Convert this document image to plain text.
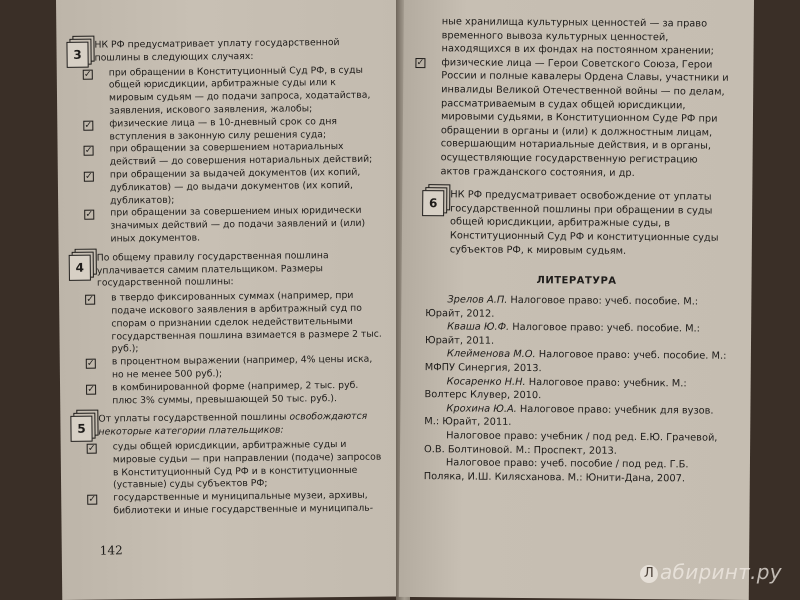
3
НК РФ предусматривает уплату государственной пошлины в следующих случаях:
✓ при обращении в Конституционный Суд РФ, в суды общей юрисдикции, арбитражные суды или к мировым судьям — до подачи запроса, ходатайства, заявления, искового заявления, жалобы;
✓ физические лица — в 10-дневный срок со дня вступления в законную силу решения суда;
✓ при обращении за совершением нотариальных действий — до совершения нотариальных действий;
✓ при обращении за выдачей документов (их копий, дубликатов) — до выдачи документов (их копий, дубликатов);
✓ при обращении за совершением иных юридически значимых действий — до подачи заявлений и (или) иных документов.
4
По общему правилу государственная пошлина уплачивается самим плательщиком. Размеры государственной пошлины:
✓ в твердо фиксированных суммах (например, при подаче искового заявления в арбитражный суд по спорам о признании сделок недействительными государственная пошлина взимается в размере 2 тыс. руб.);
✓ в процентном выражении (например, 4% цены иска, но не менее 500 руб.);
✓ в комбинированной форме (например, 2 тыс. руб. плюс 3% суммы, превышающей 50 тыс. руб.).
5
От уплаты государственной пошлины освобождаются некоторые категории плательщиков:
✓ суды общей юрисдикции, арбитражные суды и мировые судьи — при направлении (подаче) запросов в Конституционный Суд РФ и в конституционные (уставные) суды субъектов РФ;
✓ государственные и муниципальные музеи, архивы, библиотеки и иные государственные и муниципаль-
142
ные хранилища культурных ценностей — за право временного вывоза культурных ценностей, находящихся в их фондах на постоянном хранении;
✓ физические лица — Герои Советского Союза, Герои России и полные кавалеры Ордена Славы, участники и инвалиды Великой Отечественной войны — по делам, рассматриваемым в судах общей юрисдикции, мировыми судьями, в Конституционном Суде РФ при обращении в органы и (или) к должностным лицам, совершающим нотариальные действия, и в органы, осуществляющие государственную регистрацию актов гражданского состояния, и др.
6
НК РФ предусматривает освобождение от уплаты государственной пошлины при обращении в суды общей юрисдикции, арбитражные суды, в Конституционный Суд РФ и конституционные суды субъектов РФ, к мировым судьям.
ЛИТЕРАТУРА
Зрелов А.П. Налоговое право: учеб. пособие. М.: Юрайт, 2012.
Кваша Ю.Ф. Налоговое право: учеб. пособие. М.: Юрайт, 2011.
Клейменова М.О. Налоговое право: учеб. пособие. М.: МФПУ Синергия, 2013.
Косаренко Н.Н. Налоговое право: учебник. М.: Волтерс Клувер, 2010.
Крохина Ю.А. Налоговое право: учебник для вузов. М.: Юрайт, 2011.
Налоговое право: учебник / под ред. Е.Ю. Грачевой, О.В. Болтиновой. М.: Проспект, 2013.
Налоговое право: учеб. пособие / под ред. Г.Б. Поляка, И.Ш. Килясханова. М.: Юнити-Дана, 2007.
Л абиринт.ру
